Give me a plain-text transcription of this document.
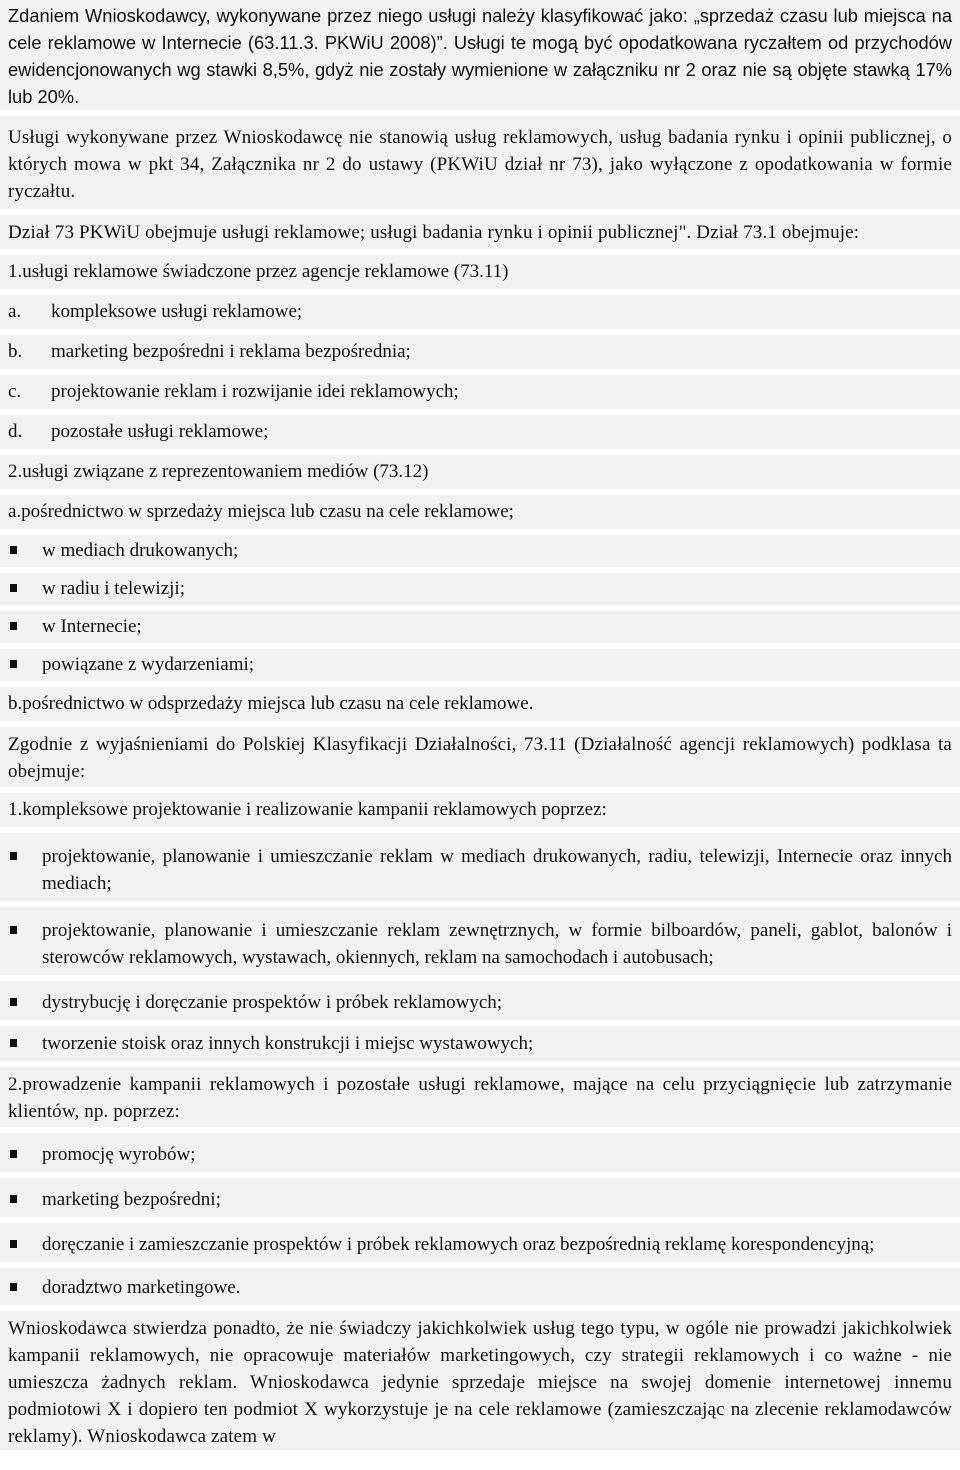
Zdaniem Wnioskodawcy, wykonywane przez niego usługi należy klasyfikować jako: „sprzedaż czasu lub miejsca na cele reklamowe w Internecie (63.11.3. PKWiU 2008)”. Usługi te mogą być opodatkowana ryczałtem od przychodów ewidencjonowanych wg stawki 8,5%, gdyż nie zostały wymienione w załączniku nr 2 oraz nie są objęte stawką 17% lub 20%.
Usługi wykonywane przez Wnioskodawcę nie stanowią usług reklamowych, usług badania rynku i opinii publicznej, o których mowa w pkt 34, Załącznika nr 2 do ustawy (PKWiU dział nr 73), jako wyłączone z opodatkowania w formie ryczałtu.
Dział 73 PKWiU obejmuje usługi reklamowe; usługi badania rynku i opinii publicznej". Dział 73.1 obejmuje:
1.usługi reklamowe świadczone przez agencje reklamowe (73.11)
a.	kompleksowe usługi reklamowe;
b.	marketing bezpośredni i reklama bezpośrednia;
c.	projektowanie reklam i rozwijanie idei reklamowych;
d.	pozostałe usługi reklamowe;
2.usługi związane z reprezentowaniem mediów (73.12)
a.pośrednictwo w sprzedaży miejsca lub czasu na cele reklamowe;
w mediach drukowanych;
w radiu i telewizji;
w Internecie;
powiązane z wydarzeniami;
b.pośrednictwo w odsprzedaży miejsca lub czasu na cele reklamowe.
Zgodnie z wyjaśnieniami do Polskiej Klasyfikacji Działalności, 73.11 (Działalność agencji reklamowych) podklasa ta obejmuje:
1.kompleksowe projektowanie i realizowanie kampanii reklamowych poprzez:
projektowanie, planowanie i umieszczanie reklam w mediach drukowanych, radiu, telewizji, Internecie oraz innych mediach;
projektowanie, planowanie i umieszczanie reklam zewnętrznych, w formie bilboardów, paneli, gablot, balonów i sterowców reklamowych, wystawach, okiennych, reklam na samochodach i autobusach;
dystrybucję i doręczanie prospektów i próbek reklamowych;
tworzenie stoisk oraz innych konstrukcji i miejsc wystawowych;
2.prowadzenie kampanii reklamowych i pozostałe usługi reklamowe, mające na celu przyciągnięcie lub zatrzymanie klientów, np. poprzez:
promocję wyrobów;
marketing bezpośredni;
doręczanie i zamieszczanie prospektów i próbek reklamowych oraz bezpośrednią reklamę korespondencyjną;
doradztwo marketingowe.
Wnioskodawca stwierdza ponadto, że nie świadczy jakichkolwiek usług tego typu, w ogóle nie prowadzi jakichkolwiek kampanii reklamowych, nie opracowuje materiałów marketingowych, czy strategii reklamowych i co ważne - nie umieszcza żadnych reklam. Wnioskodawca jedynie sprzedaje miejsce na swojej domenie internetowej innemu podmiotowi X i dopiero ten podmiot X wykorzystuje je na cele reklamowe (zamieszczając na zlecenie reklamodawców reklamy). Wnioskodawca zatem w
